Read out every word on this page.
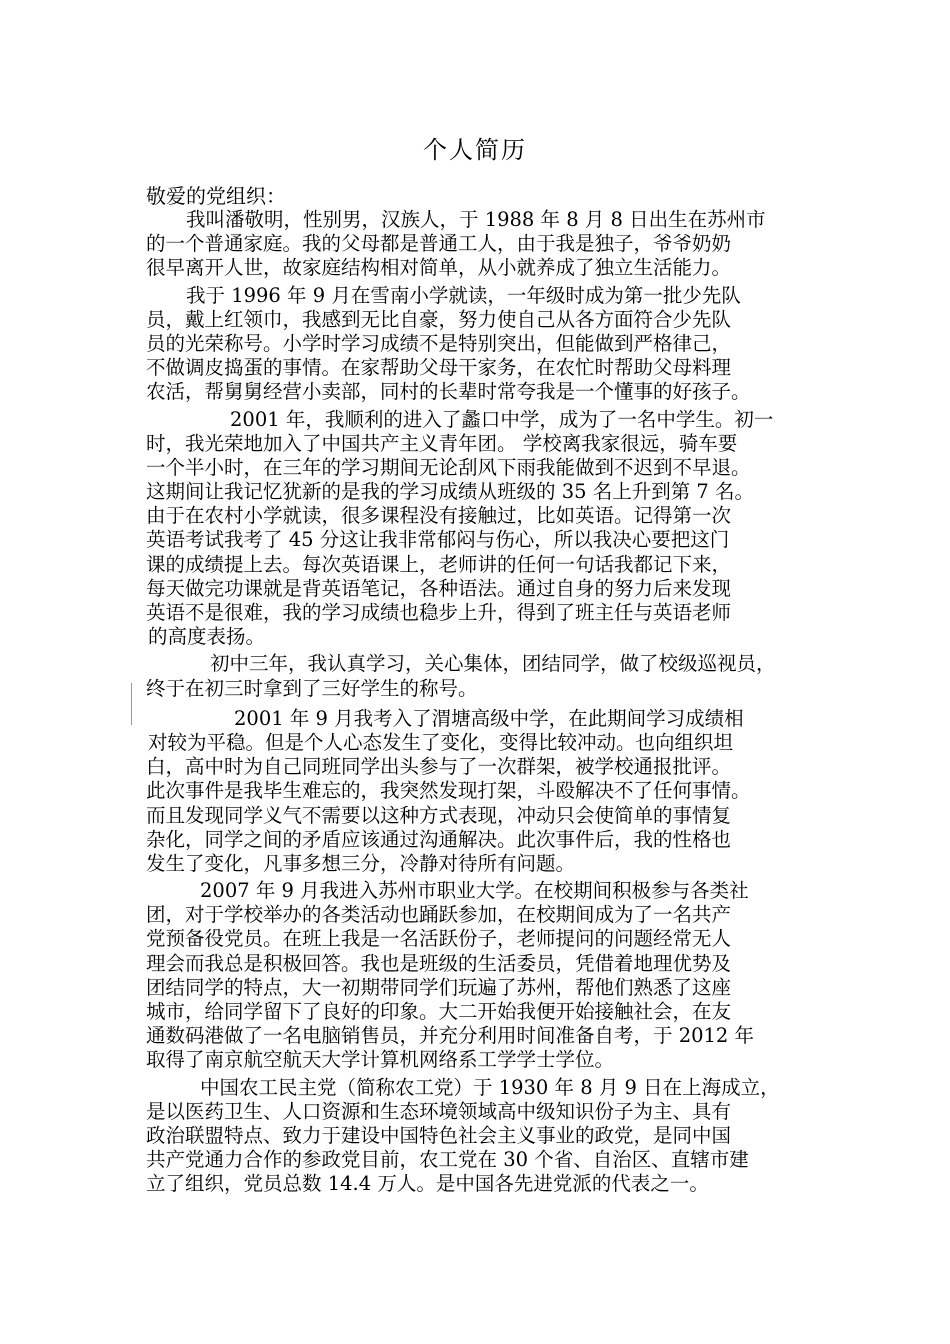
个人简历
敬爱的党组织：
我叫潘敬明，性别男，汉族人，于 1988 年 8 月 8 日出生在苏州市
的一个普通家庭。我的父母都是普通工人，由于我是独子，爷爷奶奶
很早离开人世，故家庭结构相对简单，从小就养成了独立生活能力。
我于 1996 年 9 月在雪南小学就读，一年级时成为第一批少先队
员，戴上红领巾，我感到无比自豪，努力使自己从各方面符合少先队
员的光荣称号。小学时学习成绩不是特别突出，但能做到严格律己，
不做调皮捣蛋的事情。在家帮助父母干家务，在农忙时帮助父母料理
农活，帮舅舅经营小卖部，同村的长辈时常夸我是一个懂事的好孩子。
2001 年，我顺利的进入了蠡口中学，成为了一名中学生。初一
时，我光荣地加入了中国共产主义青年团。 学校离我家很远，骑车要
一个半小时，在三年的学习期间无论刮风下雨我能做到不迟到不早退。
这期间让我记忆犹新的是我的学习成绩从班级的 35 名上升到第 7 名。
由于在农村小学就读，很多课程没有接触过，比如英语。记得第一次
英语考试我考了 45 分这让我非常郁闷与伤心，所以我决心要把这门
课的成绩提上去。每次英语课上，老师讲的任何一句话我都记下来，
每天做完功课就是背英语笔记，各种语法。通过自身的努力后来发现
英语不是很难，我的学习成绩也稳步上升，得到了班主任与英语老师
的高度表扬。
初中三年，我认真学习，关心集体，团结同学，做了校级巡视员，
终于在初三时拿到了三好学生的称号。
2001 年 9 月我考入了渭塘高级中学，在此期间学习成绩相
对较为平稳。但是个人心态发生了变化，变得比较冲动。也向组织坦
白，高中时为自己同班同学出头参与了一次群架，被学校通报批评。
此次事件是我毕生难忘的，我突然发现打架，斗殴解决不了任何事情。
而且发现同学义气不需要以这种方式表现，冲动只会使简单的事情复
杂化，同学之间的矛盾应该通过沟通解决。此次事件后，我的性格也
发生了变化，凡事多想三分，冷静对待所有问题。
2007 年 9 月我进入苏州市职业大学。在校期间积极参与各类社
团，对于学校举办的各类活动也踊跃参加，在校期间成为了一名共产
党预备役党员。在班上我是一名活跃份子，老师提问的问题经常无人
理会而我总是积极回答。我也是班级的生活委员，凭借着地理优势及
团结同学的特点，大一初期带同学们玩遍了苏州，帮他们熟悉了这座
城市，给同学留下了良好的印象。大二开始我便开始接触社会，在友
通数码港做了一名电脑销售员，并充分利用时间准备自考，于 2012 年
取得了南京航空航天大学计算机网络系工学学士学位。
中国农工民主党（简称农工党）于 1930 年 8 月 9 日在上海成立，
是以医药卫生、人口资源和生态环境领域高中级知识份子为主、具有
政治联盟特点、致力于建设中国特色社会主义事业的政党，是同中国
共产党通力合作的参政党目前，农工党在 30 个省、自治区、直辖市建
立了组织，党员总数 14.4 万人。是中国各先进党派的代表之一。
